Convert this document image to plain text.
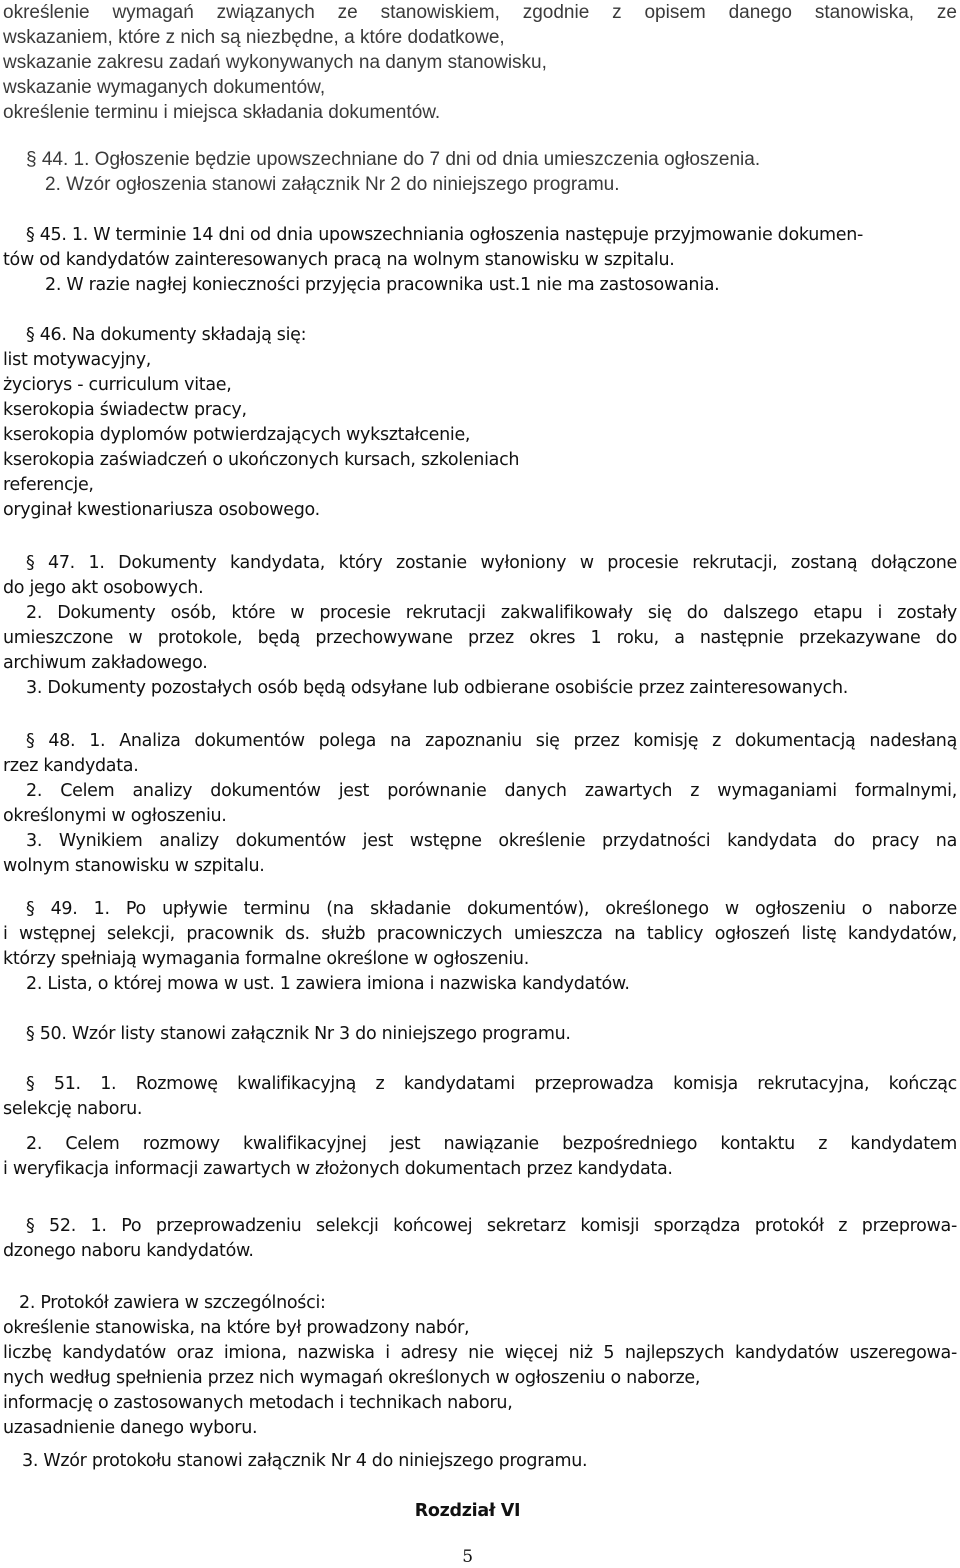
określenie wymagań związanych ze stanowiskiem, zgodnie z opisem danego stanowiska, ze
wskazaniem, które z nich są niezbędne, a które dodatkowe,
wskazanie zakresu zadań wykonywanych na danym stanowisku,
wskazanie wymaganych dokumentów,
określenie terminu i miejsca składania dokumentów.
§ 44. 1. Ogłoszenie będzie upowszechniane do 7 dni od dnia umieszczenia ogłoszenia.
2. Wzór ogłoszenia stanowi załącznik Nr 2 do niniejszego programu.
§ 45. 1. W terminie 14 dni od dnia upowszechniania ogłoszenia następuje przyjmowanie dokumen-
tów od kandydatów zainteresowanych pracą na wolnym stanowisku w szpitalu.
2. W razie nagłej konieczności przyjęcia pracownika ust.1 nie ma zastosowania.
§ 46. Na dokumenty składają się:
list motywacyjny,
życiorys - curriculum vitae,
kserokopia świadectw pracy,
kserokopia dyplomów potwierdzających wykształcenie,
kserokopia zaświadczeń o ukończonych kursach, szkoleniach
referencje,
oryginał kwestionariusza osobowego.
§ 47. 1. Dokumenty kandydata, który zostanie wyłoniony w procesie rekrutacji, zostaną dołączone
do jego akt osobowych.
2. Dokumenty osób, które w procesie rekrutacji zakwalifikowały się do dalszego etapu i zostały
umieszczone w protokole, będą przechowywane przez okres 1 roku, a następnie przekazywane do
archiwum zakładowego.
3. Dokumenty pozostałych osób będą odsyłane lub odbierane osobiście przez zainteresowanych.
§ 48. 1. Analiza dokumentów polega na zapoznaniu się przez komisję z dokumentacją nadesłaną
rzez kandydata.
2. Celem analizy dokumentów jest porównanie danych zawartych z wymaganiami formalnymi,
określonymi w ogłoszeniu.
3. Wynikiem analizy dokumentów jest wstępne określenie przydatności kandydata do pracy na
wolnym stanowisku w szpitalu.
§ 49. 1. Po upływie terminu (na składanie dokumentów), określonego w ogłoszeniu o naborze
i wstępnej selekcji, pracownik ds. służb pracowniczych umieszcza na tablicy ogłoszeń listę kandydatów,
którzy spełniają wymagania formalne określone w ogłoszeniu.
2. Lista, o której mowa w ust. 1 zawiera imiona i nazwiska kandydatów.
§ 50. Wzór listy stanowi załącznik Nr 3 do niniejszego programu.
§ 51. 1. Rozmowę kwalifikacyjną z kandydatami przeprowadza komisja rekrutacyjna, kończąc
selekcję naboru.
2. Celem rozmowy kwalifikacyjnej jest nawiązanie bezpośredniego kontaktu z kandydatem
i weryfikacja informacji zawartych w złożonych dokumentach przez kandydata.
§ 52. 1. Po przeprowadzeniu selekcji końcowej sekretarz komisji sporządza protokół z przeprowa-
dzonego naboru kandydatów.
2. Protokół zawiera w szczególności:
określenie stanowiska, na które był prowadzony nabór,
liczbę kandydatów oraz imiona, nazwiska i adresy nie więcej niż 5 najlepszych kandydatów uszeregowa-
nych według spełnienia przez nich wymagań określonych w ogłoszeniu o naborze,
informację o zastosowanych metodach i technikach naboru,
uzasadnienie danego wyboru.
3. Wzór protokołu stanowi załącznik Nr 4 do niniejszego programu.
Rozdział VI
5
